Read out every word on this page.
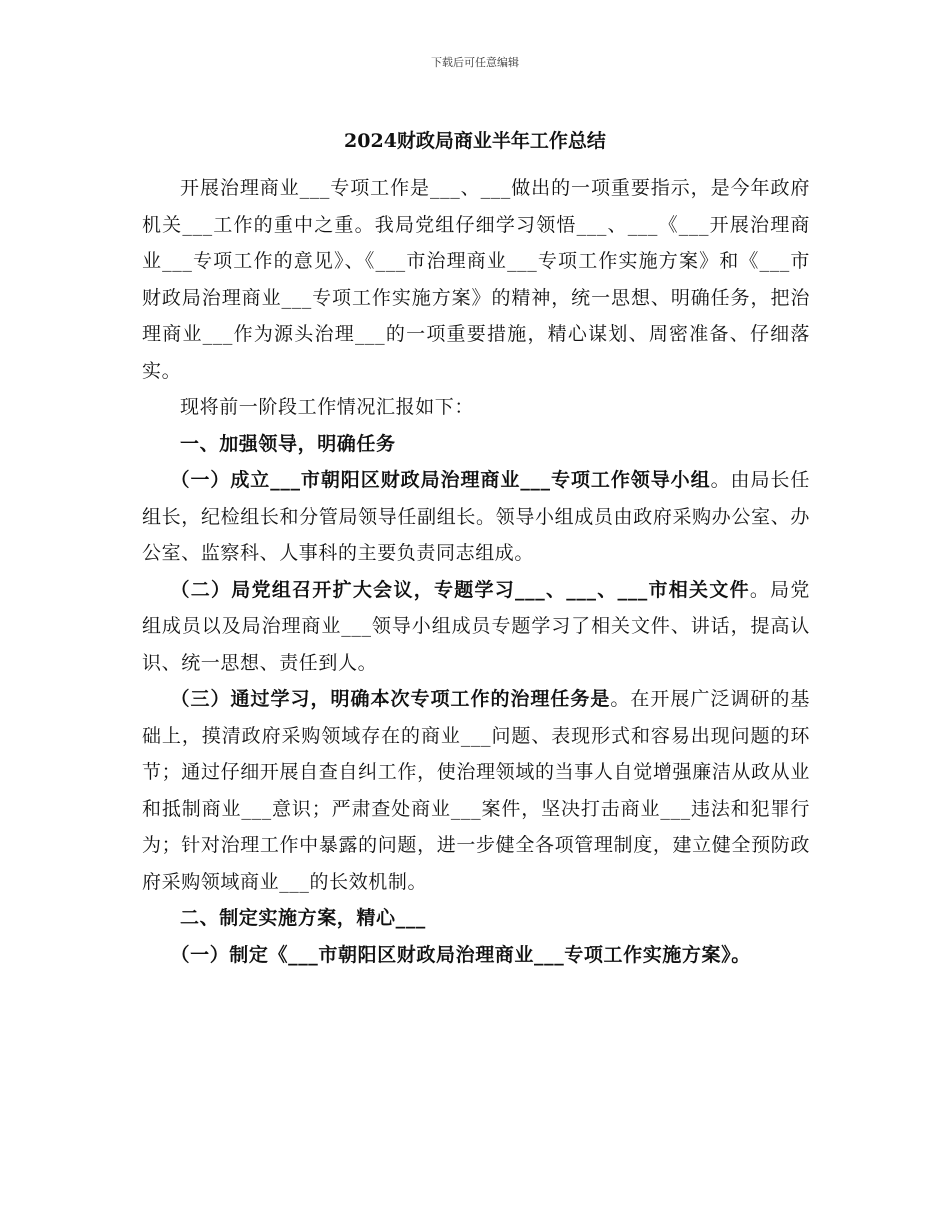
下载后可任意编辑
2024财政局商业半年工作总结

开展治理商业___专项工作是___、___做出的一项重要指示，是今年政府机关___工作的重中之重。我局党组仔细学习领悟___、___《___开展治理商业___专项工作的意见》、《___市治理商业___专项工作实施方案》和《___市财政局治理商业___专项工作实施方案》的精神，统一思想、明确任务，把治理商业___作为源头治理___的一项重要措施，精心谋划、周密准备、仔细落实。

现将前一阶段工作情况汇报如下：

一、加强领导，明确任务

（一）成立___市朝阳区财政局治理商业___专项工作领导小组。由局长任组长，纪检组长和分管局领导任副组长。领导小组成员由政府采购办公室、办公室、监察科、人事科的主要负责同志组成。

（二）局党组召开扩大会议，专题学习___、___、___市相关文件。局党组成员以及局治理商业___领导小组成员专题学习了相关文件、讲话，提高认识、统一思想、责任到人。

（三）通过学习，明确本次专项工作的治理任务是。在开展广泛调研的基础上，摸清政府采购领域存在的商业___问题、表现形式和容易出现问题的环节；通过仔细开展自查自纠工作，使治理领域的当事人自觉增强廉洁从政从业和抵制商业___意识；严肃查处商业___案件，坚决打击商业___违法和犯罪行为；针对治理工作中暴露的问题，进一步健全各项管理制度，建立健全预防政府采购领域商业___的长效机制。

二、制定实施方案，精心___

（一）制定《___市朝阳区财政局治理商业___专项工作实施方案》。
